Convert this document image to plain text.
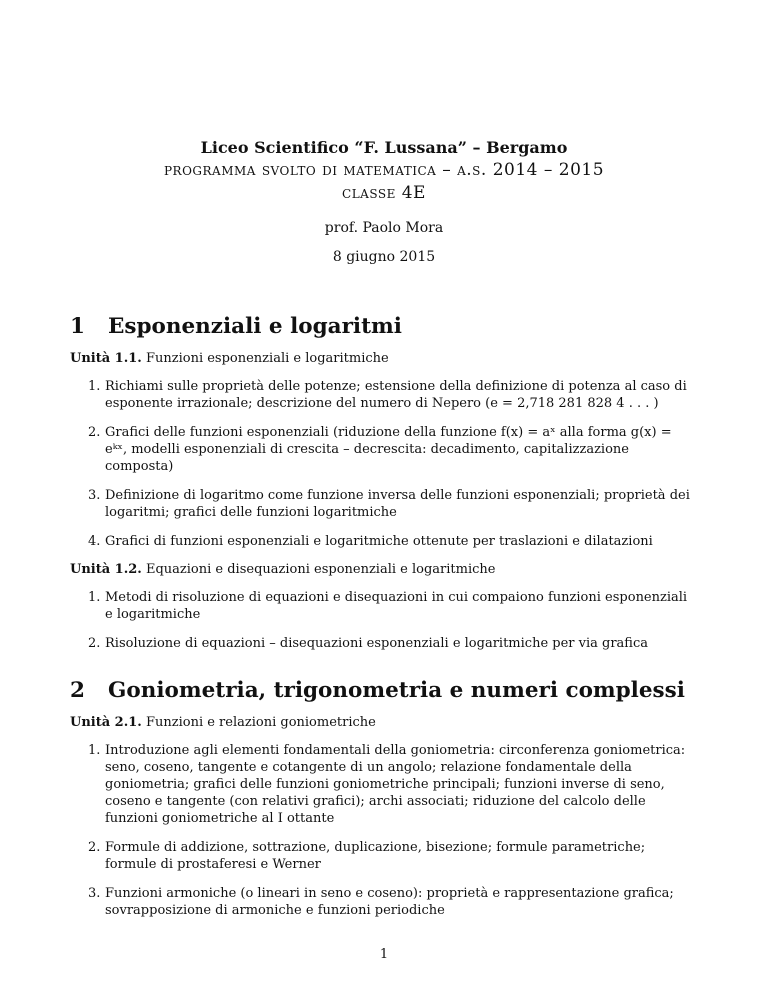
Liceo Scientifico “F. Lussana” – Bergamo
programma svolto di matematica – a.s. 2014 – 2015
classe 4E
prof. Paolo Mora
8 giugno 2015
1	Esponenziali e logaritmi
Unità 1.1. Funzioni esponenziali e logaritmiche
1. Richiami sulle proprietà delle potenze; estensione della definizione di potenza al caso di esponente irrazionale; descrizione del numero di Nepero (e = 2,718 281 828 4 . . . )
2. Grafici delle funzioni esponenziali (riduzione della funzione f(x) = aˣ alla forma g(x) = eᵏˣ, modelli esponenziali di crescita – decrescita: decadimento, capitalizzazione composta)
3. Definizione di logaritmo come funzione inversa delle funzioni esponenziali; proprietà dei logaritmi; grafici delle funzioni logaritmiche
4. Grafici di funzioni esponenziali e logaritmiche ottenute per traslazioni e dilatazioni
Unità 1.2. Equazioni e disequazioni esponenziali e logaritmiche
1. Metodi di risoluzione di equazioni e disequazioni in cui compaiono funzioni esponenziali e logaritmiche
2. Risoluzione di equazioni – disequazioni esponenziali e logaritmiche per via grafica
2	Goniometria, trigonometria e numeri complessi
Unità 2.1. Funzioni e relazioni goniometriche
1. Introduzione agli elementi fondamentali della goniometria: circonferenza goniometrica: seno, coseno, tangente e cotangente di un angolo; relazione fondamentale della goniometria; grafici delle funzioni goniometriche principali; funzioni inverse di seno, coseno e tangente (con relativi grafici); archi associati; riduzione del calcolo delle funzioni goniometriche al I ottante
2. Formule di addizione, sottrazione, duplicazione, bisezione; formule parametriche; formule di prostaferesi e Werner
3. Funzioni armoniche (o lineari in seno e coseno): proprietà e rappresentazione grafica; sovrapposizione di armoniche e funzioni periodiche
1
